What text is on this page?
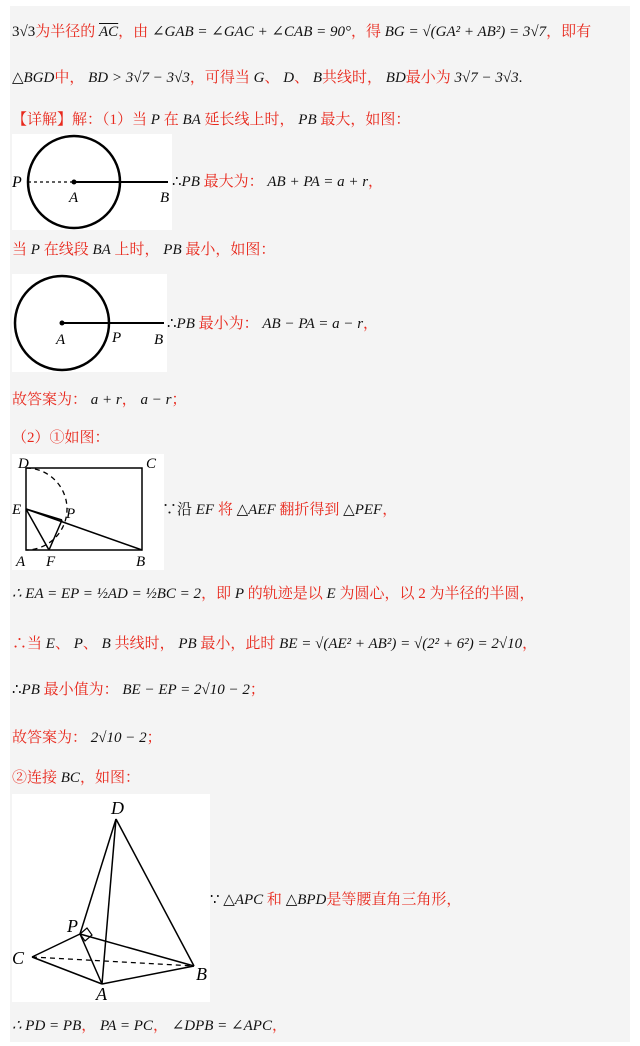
3√3为半径的 $\overline{AC}$，由 ∠GAB = ∠GAC + ∠CAB = 90°，得 BG = √(GA² + AB²) = 3√7，即有
△BGD中， BD > 3√7 − 3√3，可得当 G、 D、 B共线时， BD最小为 3√7 − 3√3.
【详解】解：（1）当 P 在 BA 延长线上时， PB 最大，如图：
P
A	B
∴PB 最大为： AB + PA = a + r，
当 P 在线段 BA 上时， PB 最小，如图：
A	P B
∴PB 最小为： AB − PA = a − r，
故答案为： a + r， a − r；
（2）①如图：
D	C
E	P
A F	B
∵沿 EF 将 △AEF 翻折得到 △PEF，
∴ EA = EP = ½AD = ½BC = 2，即 P 的轨迹是以 E 为圆心，以 2 为半径的半圆，
∴当 E、 P、 B 共线时， PB 最小，此时 BE = √(AE² + AB²) = √(2² + 6²) = 2√10，
∴PB 最小值为： BE − EP = 2√10 − 2；
故答案为： 2√10 − 2；
②连接 BC，如图：
D
P
C
A
B
∵ △APC 和 △BPD是等腰直角三角形，
∴ PD = PB， PA = PC， ∠DPB = ∠APC，
